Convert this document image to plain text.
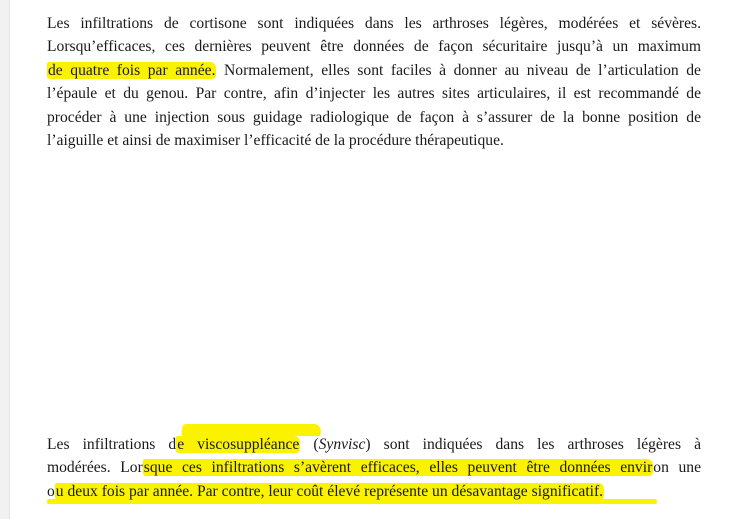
Les infiltrations de cortisone sont indiquées dans les arthroses légères, modérées et sévères.
Lorsqu’efficaces, ces dernières peuvent être données de façon sécuritaire jusqu’à un maximum
de quatre fois par année. Normalement, elles sont faciles à donner au niveau de l’articulation de
l’épaule et du genou. Par contre, afin d’injecter les autres sites articulaires, il est recommandé de
procéder à une injection sous guidage radiologique de façon à s’assurer de la bonne position de
l’aiguille et ainsi de maximiser l’efficacité de la procédure thérapeutique.

Les infiltrations de viscosuppléance (Synvisc) sont indiquées dans les arthroses légères à
modérées. Lorsque ces infiltrations s’avèrent efficaces, elles peuvent être données environ une
ou deux fois par année. Par contre, leur coût élevé représente un désavantage significatif.
